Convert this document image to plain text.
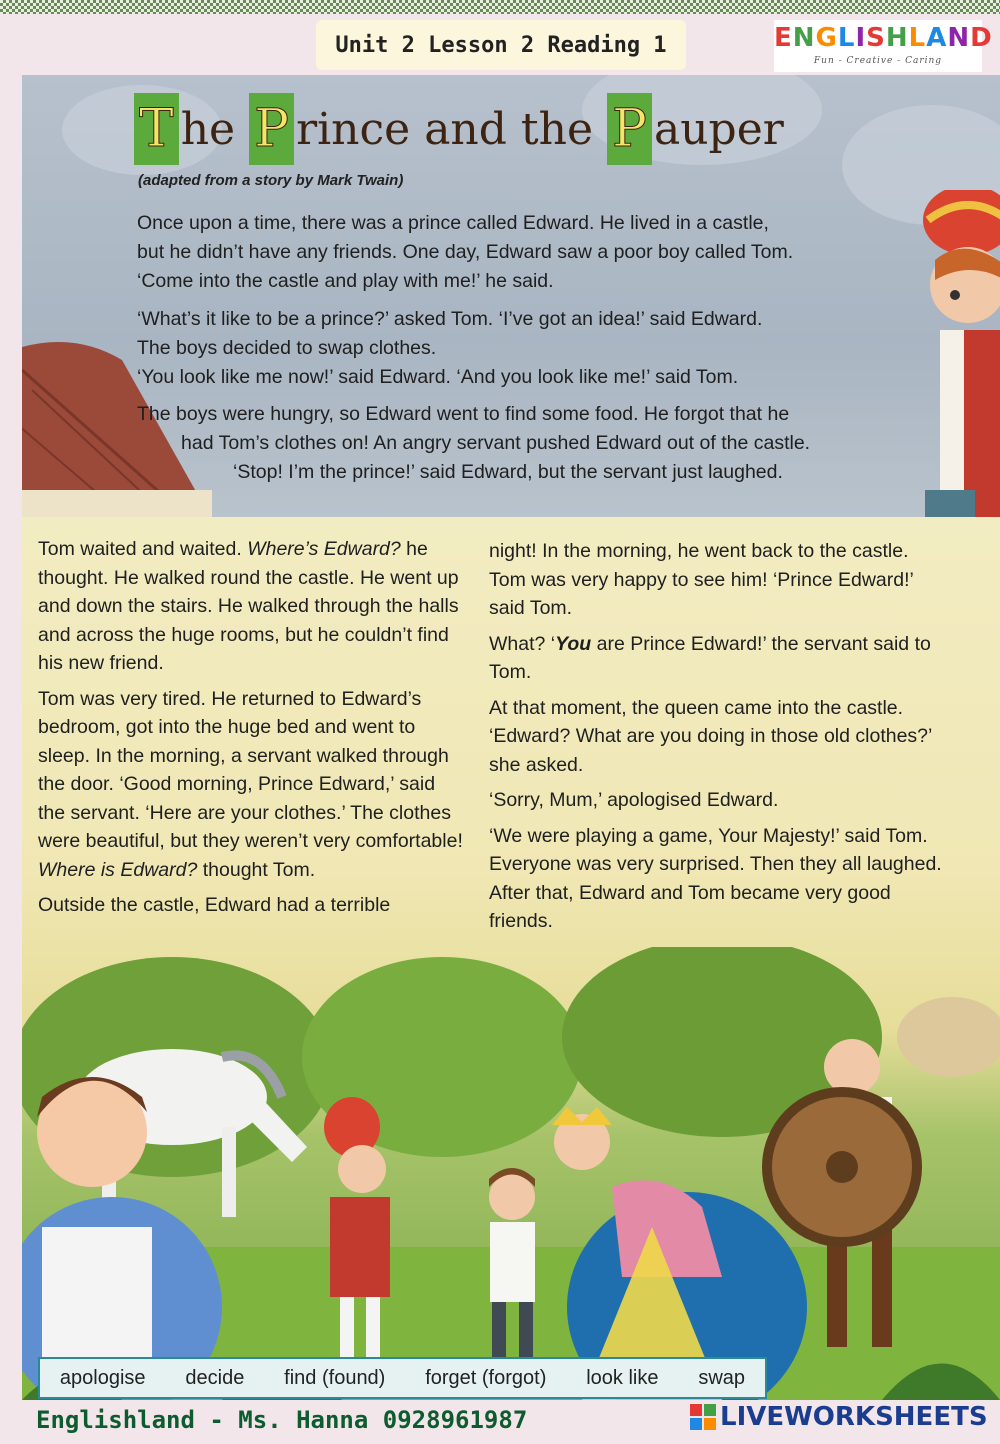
Unit 2 Lesson 2 Reading 1	ENGLISHLAND
Fun - Creative - Caring
T he P rince and the P auper
(adapted from a story by Mark Twain)

Once upon a time, there was a prince called Edward. He lived in a castle,

but he didn’t have any friends. One day, Edward saw a poor boy called Tom.

‘Come into the castle and play with me!’ he said.

‘What’s it like to be a prince?’ asked Tom. ‘I’ve got an idea!’ said Edward.

The boys decided to swap clothes.

‘You look like me now!’ said Edward. ‘And you look like me!’ said Tom.

The boys were hungry, so Edward went to find some food. He forgot that he

had Tom’s clothes on! An angry servant pushed Edward out of the castle.

‘Stop! I’m the prince!’ said Edward, but the servant just laughed.

Tom waited and waited. Where’s Edward? he thought. He walked round the castle. He went up and down the stairs. He walked through the halls and across the huge rooms, but he couldn’t find his new friend.

Tom was very tired. He returned to Edward’s bedroom, got into the huge bed and went to sleep. In the morning, a servant walked through the door. ‘Good morning, Prince Edward,’ said the servant. ‘Here are your clothes.’ The clothes were beautiful, but they weren’t very comfortable! Where is Edward? thought Tom.

Outside the castle, Edward had a terrible

night! In the morning, he went back to the castle. Tom was very happy to see him! ‘Prince Edward!’ said Tom.

What? ‘You are Prince Edward!’ the servant said to Tom.

At that moment, the queen came into the castle. ‘Edward? What are you doing in those old clothes?’ she asked.

‘Sorry, Mum,’ apologised Edward.

‘We were playing a game, Your Majesty!’ said Tom. Everyone was very surprised. Then they all laughed. After that, Edward and Tom became very good friends.

apologise decide find (found) forget (forgot) look like swap
Englishland - Ms. Hanna 0928961987	LIVEWORKSHEETS
